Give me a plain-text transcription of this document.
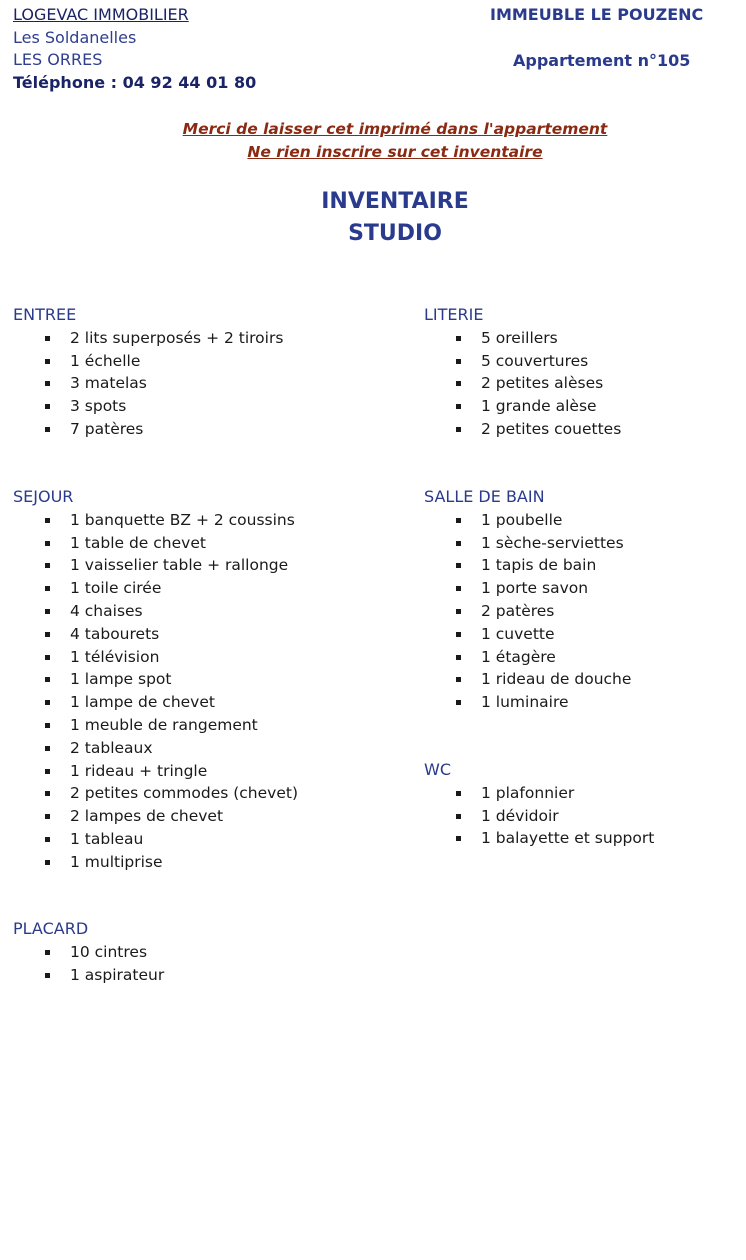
LOGEVAC IMMOBILIER
Les Soldanelles
LES ORRES
Téléphone : 04 92 44 01 80
IMMEUBLE LE POUZENC
Appartement n°105
Merci de laisser cet imprimé dans l'appartement
Ne rien inscrire sur cet inventaire
INVENTAIRE
STUDIO
ENTREE
2 lits superposés + 2 tiroirs
1 échelle
3 matelas
3 spots
7 patères
LITERIE
5 oreillers
5 couvertures
2 petites alèses
1 grande alèse
2 petites couettes
SEJOUR
1 banquette BZ + 2 coussins
1 table de chevet
1 vaisselier table + rallonge
1 toile cirée
4 chaises
4 tabourets
1 télévision
1 lampe spot
1 lampe de chevet
1 meuble de rangement
2 tableaux
1 rideau + tringle
2 petites commodes (chevet)
2 lampes de chevet
1 tableau
1 multiprise
SALLE DE BAIN
1 poubelle
1 sèche-serviettes
1 tapis de bain
1 porte savon
2 patères
1 cuvette
1 étagère
1 rideau de douche
1 luminaire
WC
1 plafonnier
1 dévidoir
1 balayette et support
PLACARD
10 cintres
1 aspirateur
